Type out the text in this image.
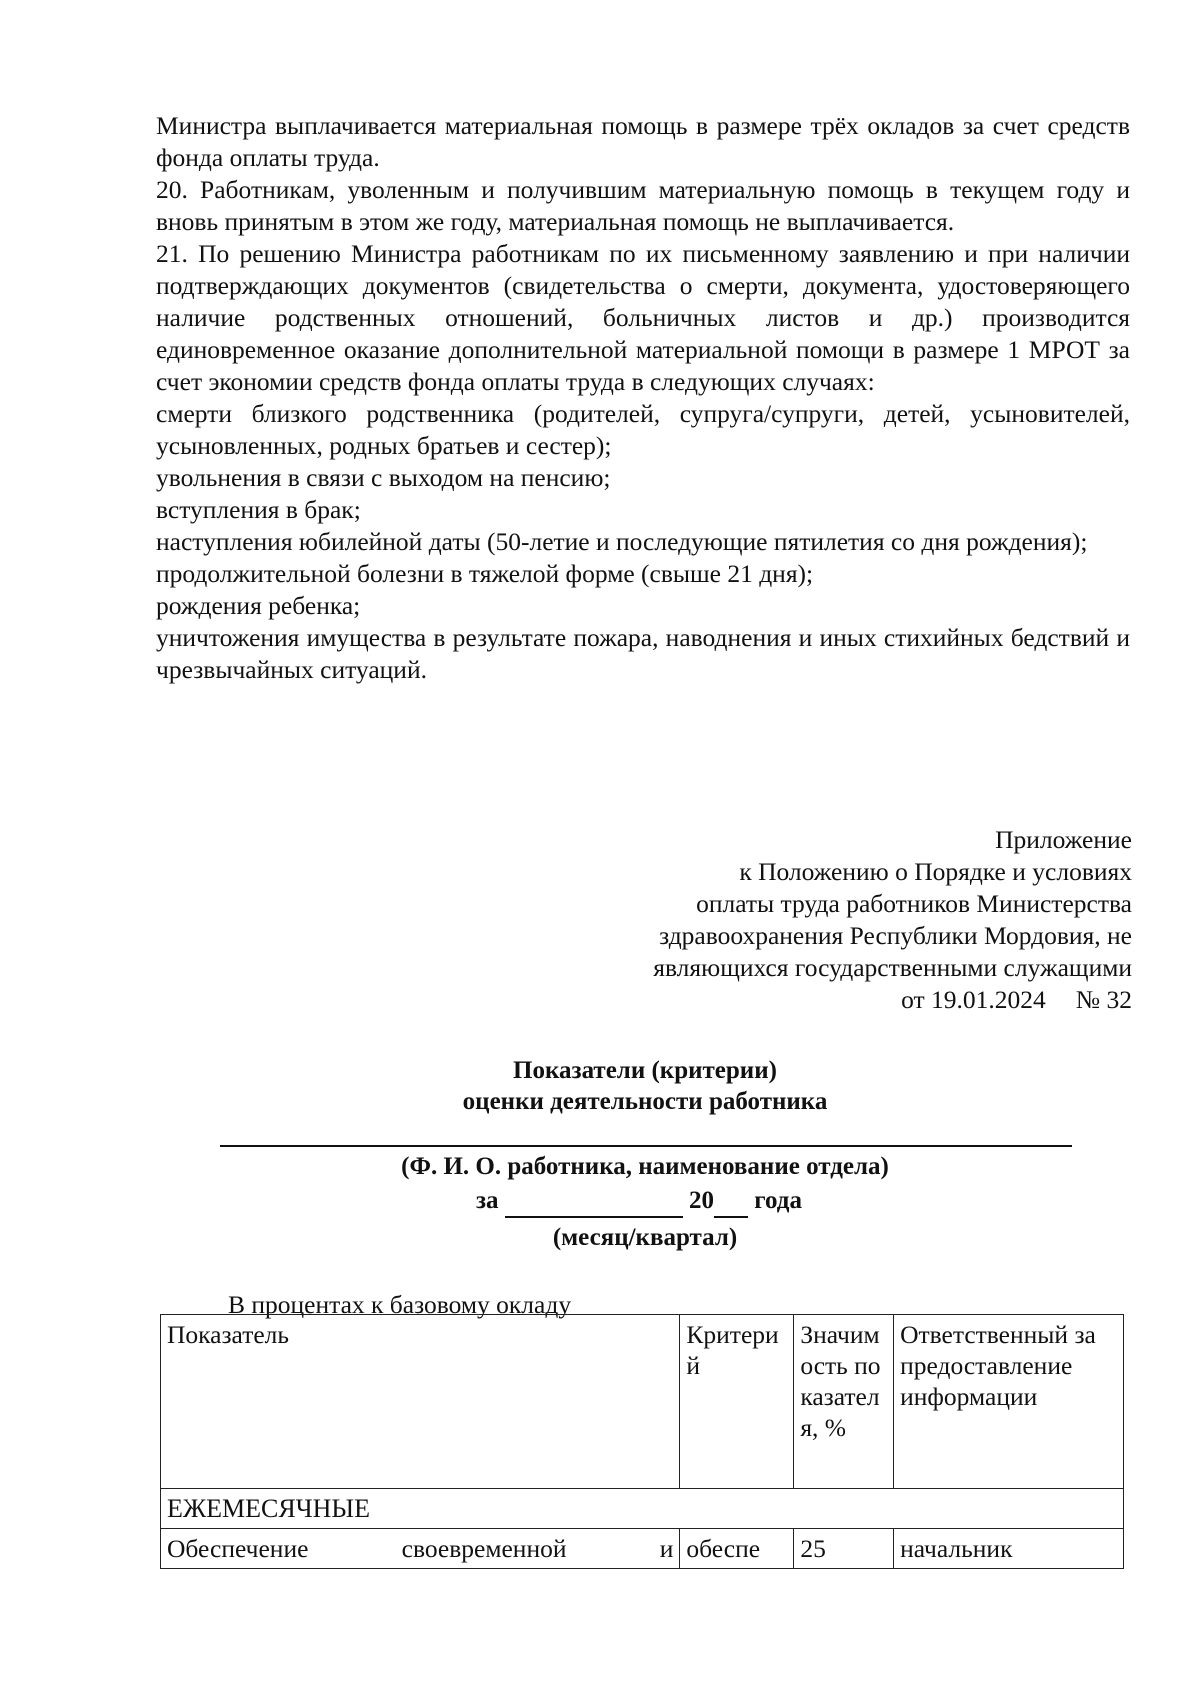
Министра выплачивается материальная помощь в размере трёх окладов за счет средств фонда оплаты труда.

20. Работникам, уволенным и получившим материальную помощь в текущем году и вновь принятым в этом же году, материальная помощь не выплачивается.

21. По решению Министра работникам по их письменному заявлению и при наличии подтверждающих документов (свидетельства о смерти, документа, удостоверяющего наличие родственных отношений, больничных листов и др.) производится единовременное оказание дополнительной материальной помощи в размере 1 МРОТ за счет экономии средств фонда оплаты труда в следующих случаях:

смерти близкого родственника (родителей, супруга/супруги, детей, усыновителей, усыновленных, родных братьев и сестер);

увольнения в связи с выходом на пенсию;

вступления в брак;

наступления юбилейной даты (50-летие и последующие пятилетия со дня рождения);

продолжительной болезни в тяжелой форме (свыше 21 дня);

рождения ребенка;

уничтожения имущества в результате пожара, наводнения и иных стихийных бедствий и чрезвычайных ситуаций.

Приложение
к Положению о Порядке и условиях
оплаты труда работников Министерства
здравоохранения Республики Мордовия, не
являющихся государственными служащими
от 19.01.2024 № 32
Показатели (критерии)
оценки деятельности работника
(Ф. И. О. работника, наименование отдела)
за	20 года
(месяц/квартал)
В процентах к базовому окладу
Показатель	Критерий	Значимость показателя, %	Ответственный за предоставление информации
ЕЖЕМЕСЯЧНЫЕ			

Обеспечение своевременной и	обеспе	25	начальник
